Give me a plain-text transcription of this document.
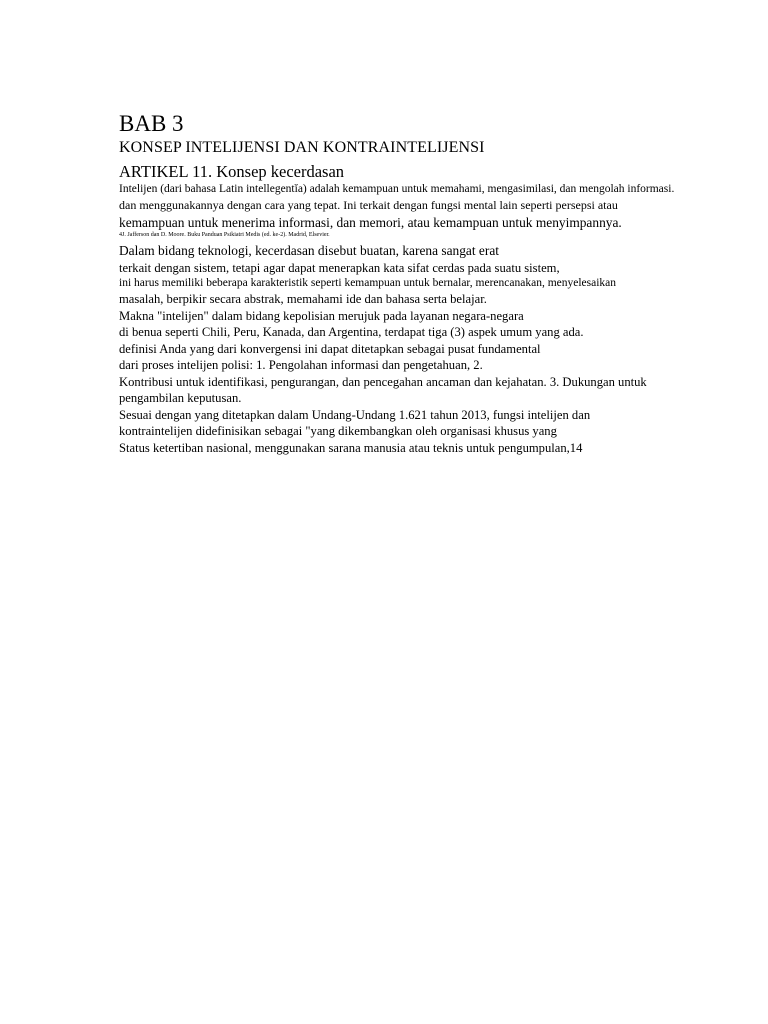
BAB 3
KONSEP INTELIJENSI DAN KONTRAINTELIJENSI
ARTIKEL 11. Konsep kecerdasan
Intelijen (dari bahasa Latin intellegentĭa) adalah kemampuan untuk memahami, mengasimilasi, dan mengolah informasi.
dan menggunakannya dengan cara yang tepat. Ini terkait dengan fungsi mental lain seperti persepsi atau
kemampuan untuk menerima informasi, dan memori, atau kemampuan untuk menyimpannya.
4J. Jafferson dan D. Moore. Buku Panduan Psikiatri Medis (ed. ke-2). Madrid, Elsevier.
Dalam bidang teknologi, kecerdasan disebut buatan, karena sangat erat
terkait dengan sistem, tetapi agar dapat menerapkan kata sifat cerdas pada suatu sistem,
ini harus memiliki beberapa karakteristik seperti kemampuan untuk bernalar, merencanakan, menyelesaikan
masalah, berpikir secara abstrak, memahami ide dan bahasa serta belajar.
Makna "intelijen" dalam bidang kepolisian merujuk pada layanan negara-negara
di benua seperti Chili, Peru, Kanada, dan Argentina, terdapat tiga (3) aspek umum yang ada.
definisi Anda yang dari konvergensi ini dapat ditetapkan sebagai pusat fundamental
dari proses intelijen polisi: 1. Pengolahan informasi dan pengetahuan, 2.
Kontribusi untuk identifikasi, pengurangan, dan pencegahan ancaman dan kejahatan. 3. Dukungan untuk
pengambilan keputusan.
Sesuai dengan yang ditetapkan dalam Undang-Undang 1.621 tahun 2013, fungsi intelijen dan
kontraintelijen didefinisikan sebagai "yang dikembangkan oleh organisasi khusus yang
Status ketertiban nasional, menggunakan sarana manusia atau teknis untuk pengumpulan,14
